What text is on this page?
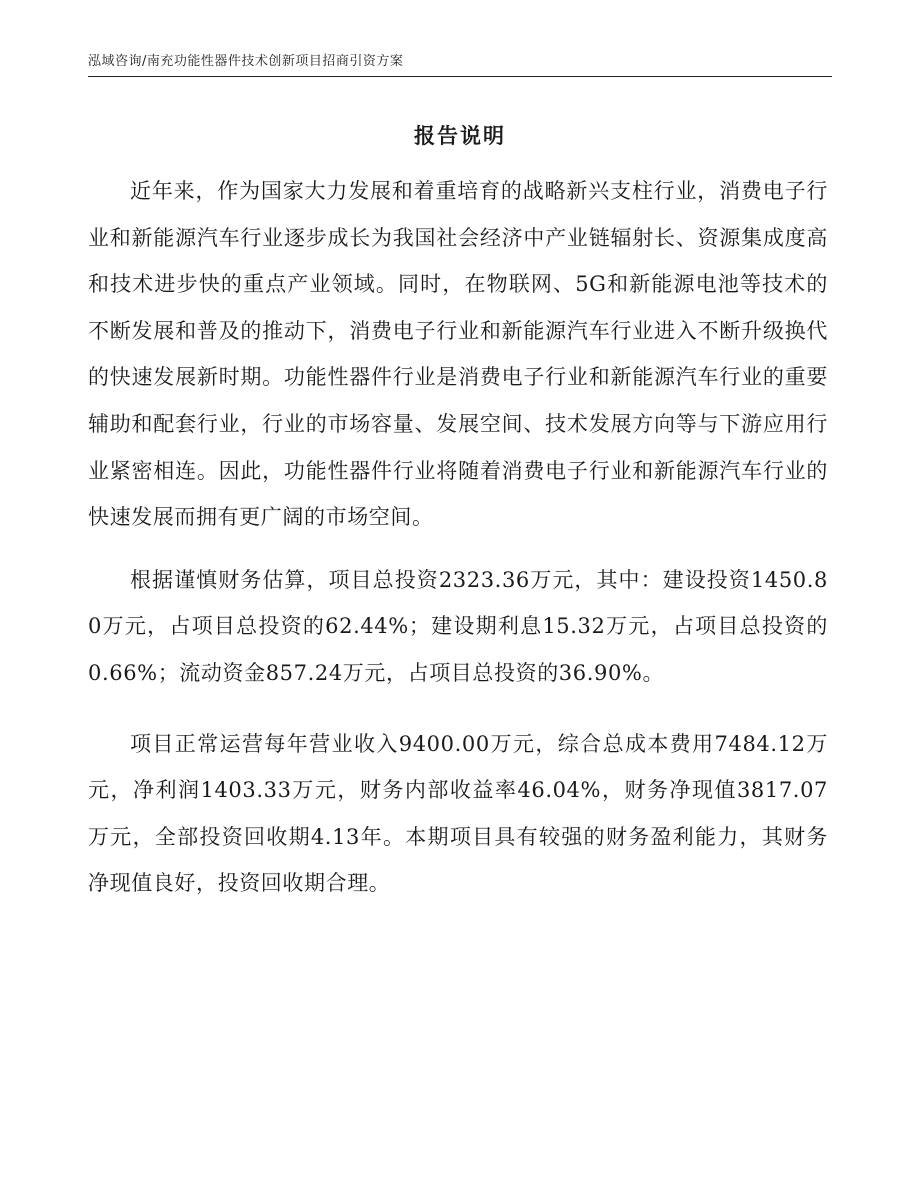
泓域咨询/南充功能性器件技术创新项目招商引资方案
报告说明

近年来，作为国家大力发展和着重培育的战略新兴支柱行业，消费电子行业和新能源汽车行业逐步成长为我国社会经济中产业链辐射长、资源集成度高和技术进步快的重点产业领域。同时，在物联网、5G和新能源电池等技术的不断发展和普及的推动下，消费电子行业和新能源汽车行业进入不断升级换代的快速发展新时期。功能性器件行业是消费电子行业和新能源汽车行业的重要辅助和配套行业，行业的市场容量、发展空间、技术发展方向等与下游应用行业紧密相连。因此，功能性器件行业将随着消费电子行业和新能源汽车行业的快速发展而拥有更广阔的市场空间。

根据谨慎财务估算，项目总投资2323.36万元，其中：建设投资1450.80万元，占项目总投资的62.44%；建设期利息15.32万元，占项目总投资的0.66%；流动资金857.24万元，占项目总投资的36.90%。

项目正常运营每年营业收入9400.00万元，综合总成本费用7484.12万元，净利润1403.33万元，财务内部收益率46.04%，财务净现值3817.07万元，全部投资回收期4.13年。本期项目具有较强的财务盈利能力，其财务净现值良好，投资回收期合理。
